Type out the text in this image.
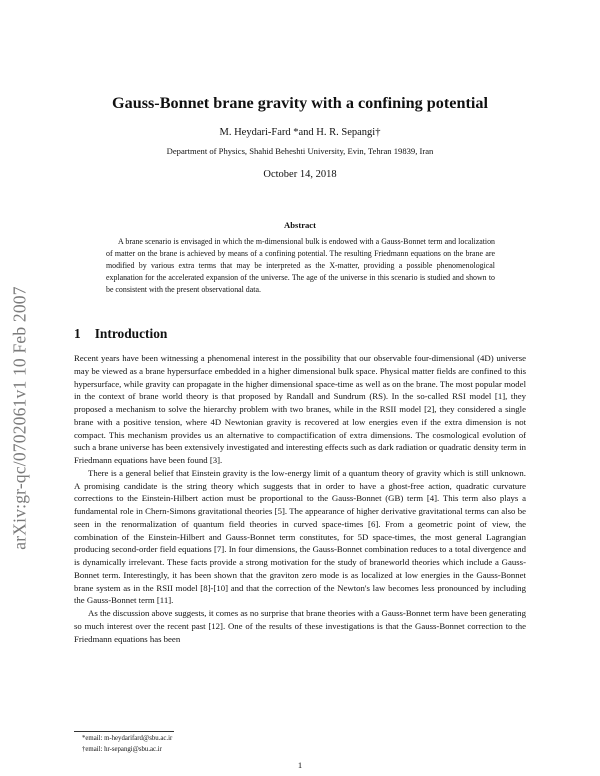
arXiv:gr-qc/0702061v1 10 Feb 2007
Gauss-Bonnet brane gravity with a confining potential
M. Heydari-Fard *and H. R. Sepangi†
Department of Physics, Shahid Beheshti University, Evin, Tehran 19839, Iran
October 14, 2018
Abstract

A brane scenario is envisaged in which the m-dimensional bulk is endowed with a Gauss-Bonnet term and localization of matter on the brane is achieved by means of a confining potential. The resulting Friedmann equations on the brane are modified by various extra terms that may be interpreted as the X-matter, providing a possible phenomenological explanation for the accelerated expansion of the universe. The age of the universe in this scenario is studied and shown to be consistent with the present observational data.

1 Introduction

Recent years have been witnessing a phenomenal interest in the possibility that our observable four-dimensional (4D) universe may be viewed as a brane hypersurface embedded in a higher dimensional bulk space. Physical matter fields are confined to this hypersurface, while gravity can propagate in the higher dimensional space-time as well as on the brane. The most popular model in the context of brane world theory is that proposed by Randall and Sundrum (RS). In the so-called RSI model [1], they proposed a mechanism to solve the hierarchy problem with two branes, while in the RSII model [2], they considered a single brane with a positive tension, where 4D Newtonian gravity is recovered at low energies even if the extra dimension is not compact. This mechanism provides us an alternative to compactification of extra dimensions. The cosmological evolution of such a brane universe has been extensively investigated and interesting effects such as dark radiation or quadratic density term in Friedmann equations have been found [3].

There is a general belief that Einstein gravity is the low-energy limit of a quantum theory of gravity which is still unknown. A promising candidate is the string theory which suggests that in order to have a ghost-free action, quadratic curvature corrections to the Einstein-Hilbert action must be proportional to the Gauss-Bonnet (GB) term [4]. This term also plays a fundamental role in Chern-Simons gravitational theories [5]. The appearance of higher derivative gravitational terms can also be seen in the renormalization of quantum field theories in curved space-times [6]. From a geometric point of view, the combination of the Einstein-Hilbert and Gauss-Bonnet term constitutes, for 5D space-times, the most general Lagrangian producing second-order field equations [7]. In four dimensions, the Gauss-Bonnet combination reduces to a total divergence and is dynamically irrelevant. These facts provide a strong motivation for the study of braneworld theories which include a Gauss-Bonnet term. Interestingly, it has been shown that the graviton zero mode is as localized at low energies in the Gauss-Bonnet brane system as in the RSII model [8]-[10] and that the correction of the Newton's law becomes less pronounced by including the Gauss-Bonnet term [11].

As the discussion above suggests, it comes as no surprise that brane theories with a Gauss-Bonnet term have been generating so much interest over the recent past [12]. One of the results of these investigations is that the Gauss-Bonnet correction to the Friedmann equations has been

*email: m-heydarifard@sbu.ac.ir
†email: hr-sepangi@sbu.ac.ir
1
